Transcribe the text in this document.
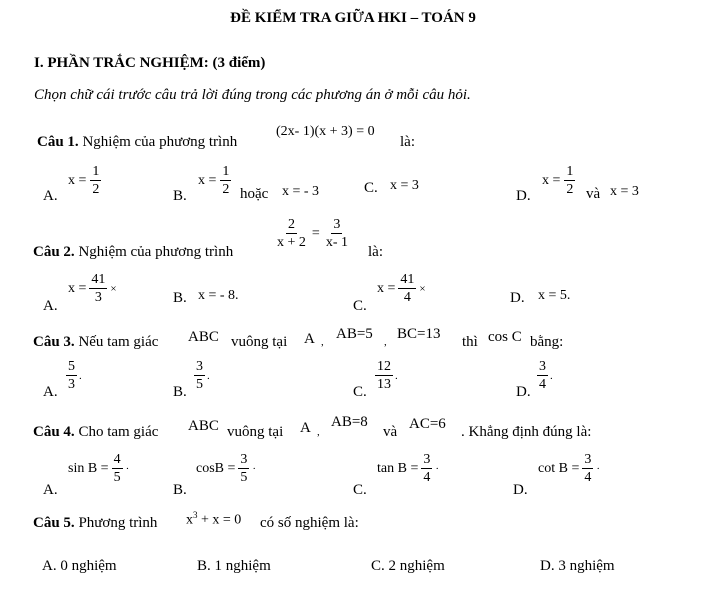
ĐỀ KIỂM TRA GIỮA HKI – TOÁN 9
I. PHẦN TRẮC NGHIỆM: (3 điểm)
Chọn chữ cái trước câu trả lời đúng trong các phương án ở mỗi câu hỏi.
Câu 1. Nghiệm của phương trình
(2x- 1)(x + 3) = 0
là:
A.
$x = \frac{1}{2}$	B.
$x = \frac{1}{2}$ hoặc x = - 3	C. x = 3
D.
$x = \frac{1}{2}$ và x = 3
Câu 2. Nghiệm của phương trình
$\frac{2}{x + 2} = \frac{3}{x- 1}$
là:
A.
$x = \frac{41}{3}$ ×
B. x = - 8.
C.
$x = \frac{41}{4}$ ×
D. x = 5.
Câu 3. Nếu tam giác ABC vuông tại A , AB=5 , BC=13 thì cos C bằng:
A. $\frac{5}{3}$ .
B. $\frac{3}{5}$ .
C. $\frac{12}{13}$ .
D. $\frac{3}{4}$ .
Câu 4. Cho tam giác ABC vuông tại A ,
AB=8
và AC=6 . Khẳng định đúng là:
A.
$\sin B = \frac{4}{5}$ ·
B.
$\cos B = \frac{3}{5}$ ·
C.
$\tan B = \frac{3}{4}$ ·
D.
$\cot B = \frac{3}{4}$ ·
Câu 5. Phương trình $x^3 + x = 0$ có số nghiệm là:
A. 0 nghiệm	B. 1 nghiệm	C. 2 nghiệm	D. 3 nghiệm
